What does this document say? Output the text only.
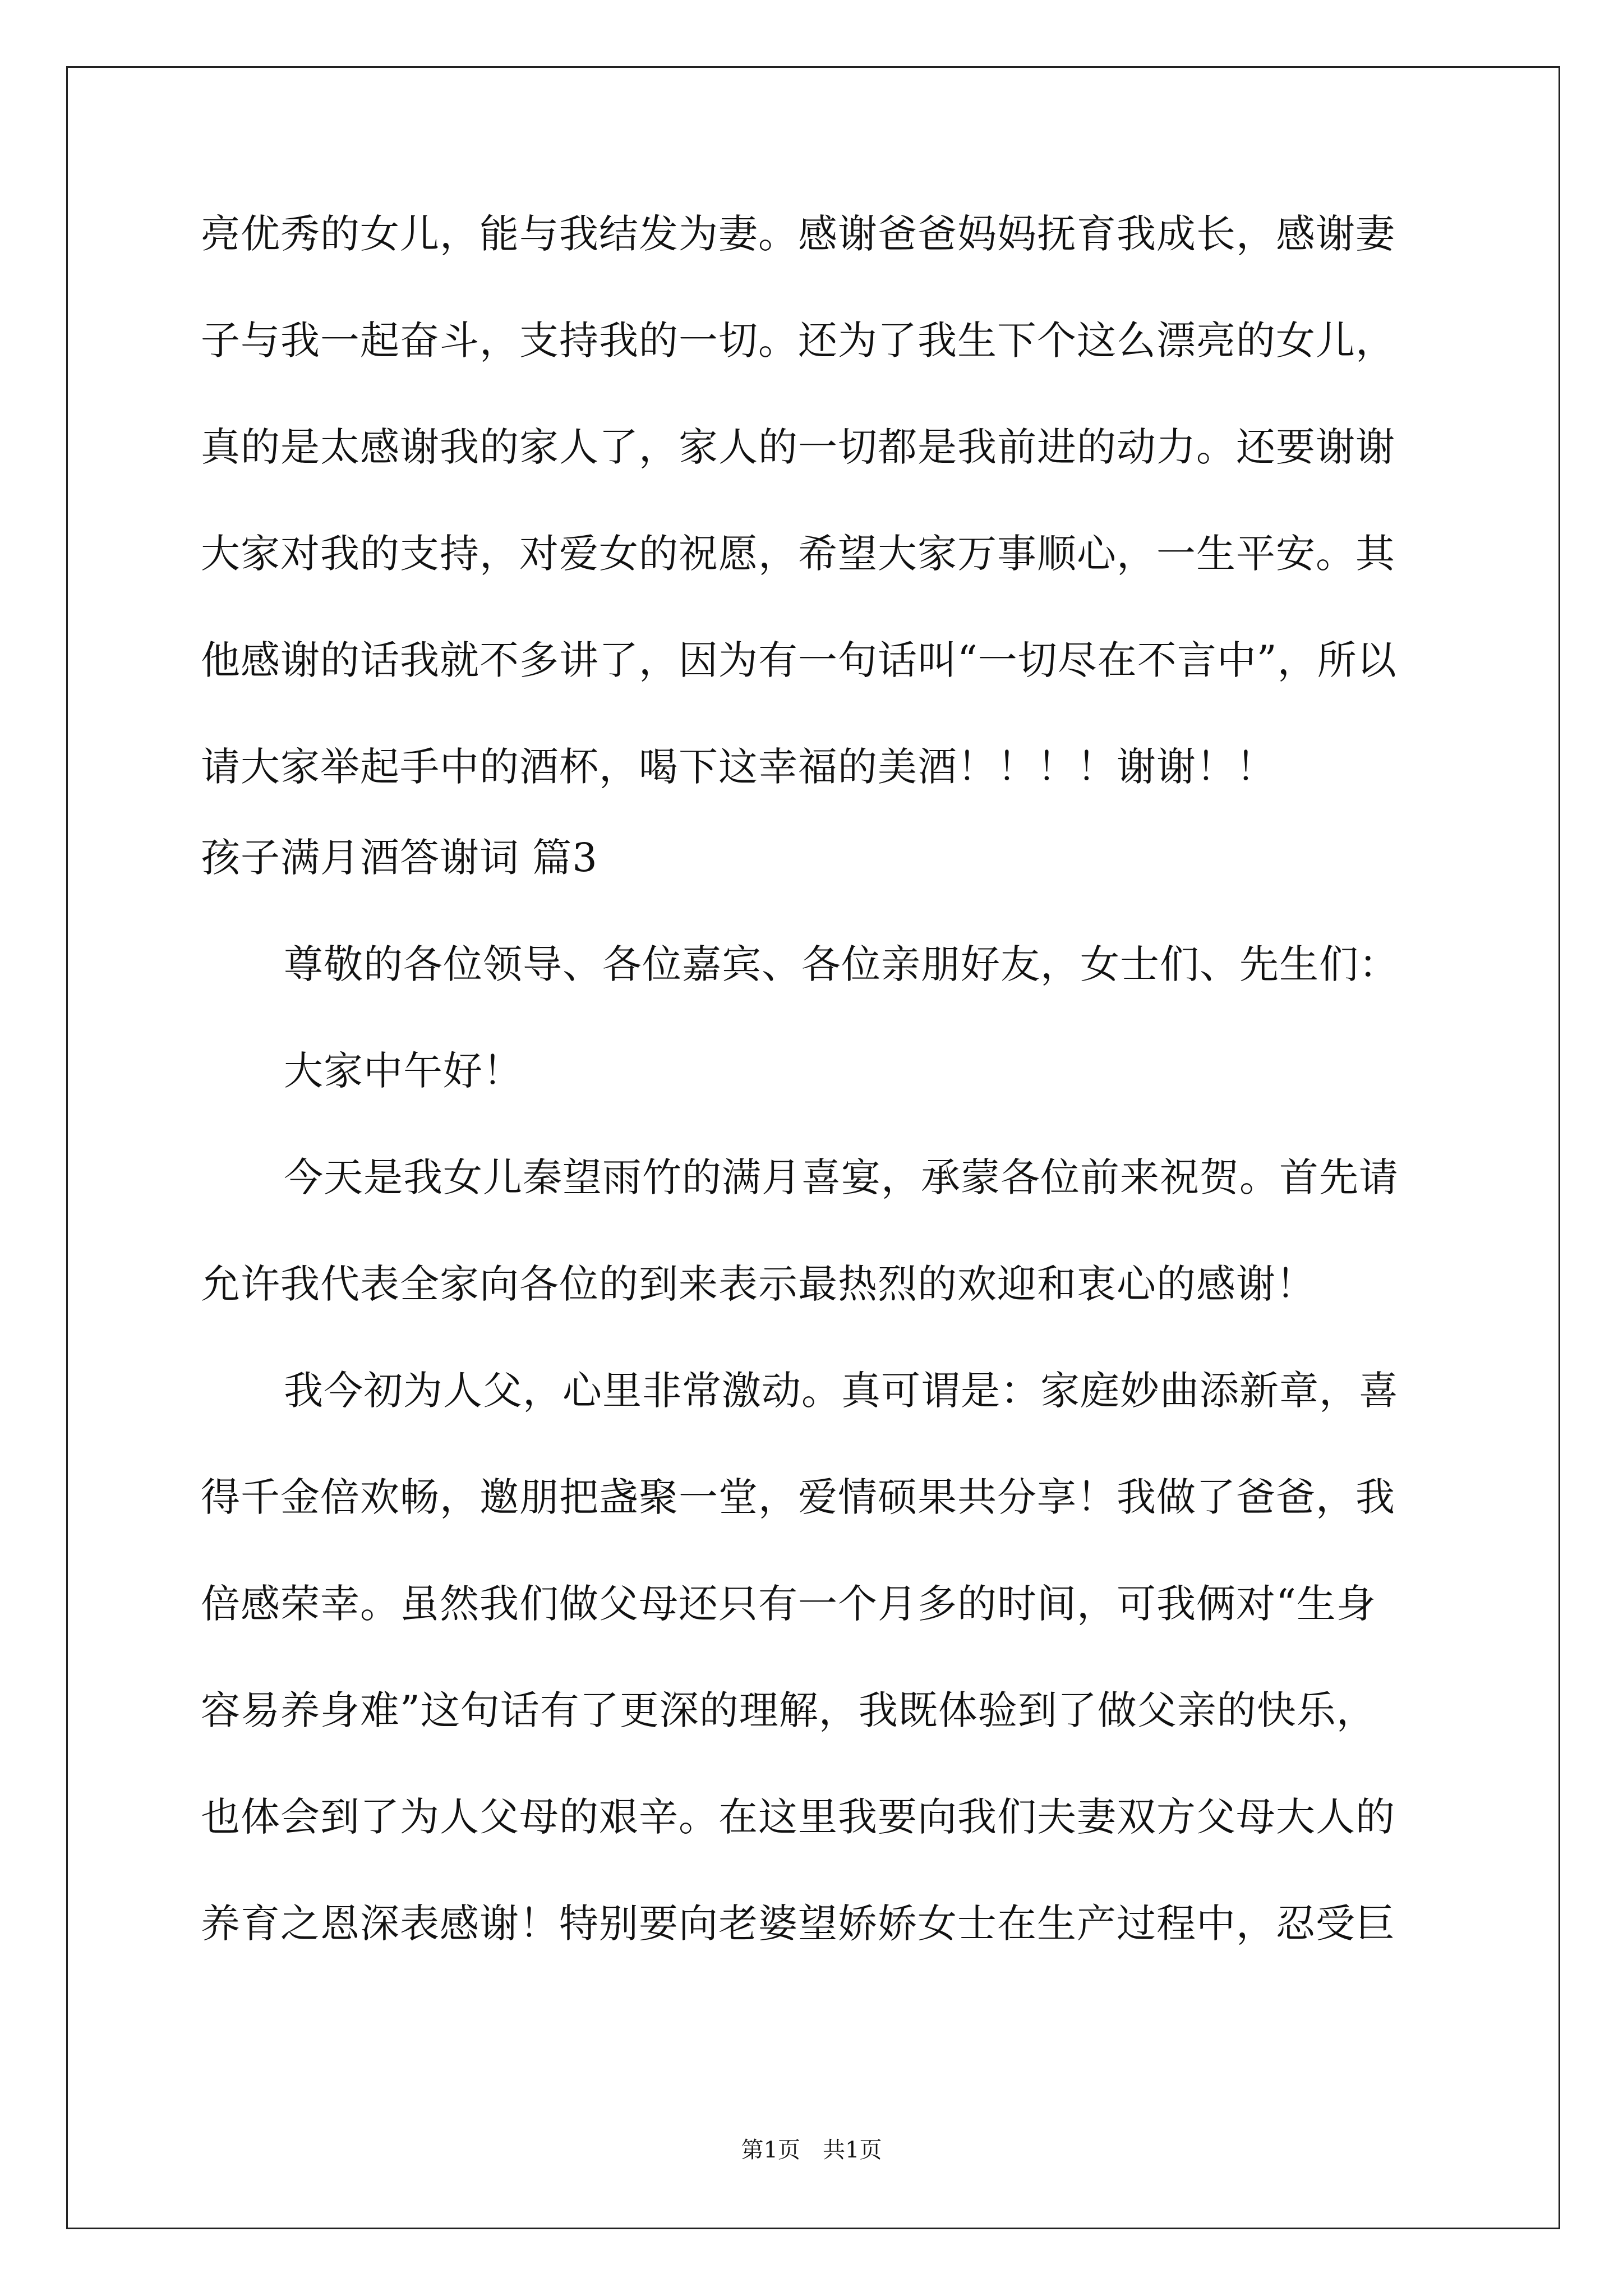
亮优秀的女儿，能与我结发为妻。感谢爸爸妈妈抚育我成长，感谢妻
子与我一起奋斗，支持我的一切。还为了我生下个这么漂亮的女儿，
真的是太感谢我的家人了，家人的一切都是我前进的动力。还要谢谢
大家对我的支持，对爱女的祝愿，希望大家万事顺心，一生平安。其
他感谢的话我就不多讲了，因为有一句话叫“一切尽在不言中”，所以
请大家举起手中的酒杯，喝下这幸福的美酒！！！！谢谢！！
孩子满月酒答谢词 篇3
尊敬的各位领导、各位嘉宾、各位亲朋好友，女士们、先生们：
大家中午好！
今天是我女儿秦望雨竹的满月喜宴，承蒙各位前来祝贺。首先请
允许我代表全家向各位的到来表示最热烈的欢迎和衷心的感谢！
我今初为人父，心里非常激动。真可谓是：家庭妙曲添新章，喜
得千金倍欢畅，邀朋把盏聚一堂，爱情硕果共分享！我做了爸爸，我
倍感荣幸。虽然我们做父母还只有一个月多的时间，可我俩对“生身
容易养身难”这句话有了更深的理解，我既体验到了做父亲的快乐，
也体会到了为人父母的艰辛。在这里我要向我们夫妻双方父母大人的
养育之恩深表感谢！特别要向老婆望娇娇女士在生产过程中，忍受巨
第1页　共1页
